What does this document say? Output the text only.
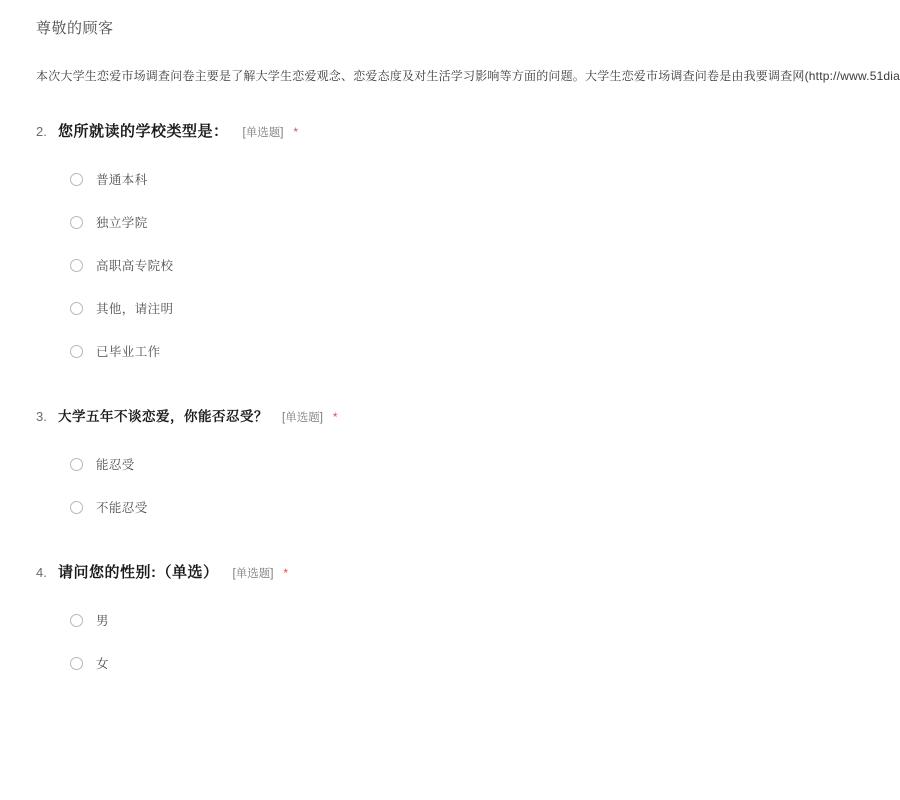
尊敬的顾客
本次大学生恋爱市场调查问卷主要是了解大学生恋爱观念、恋爱态度及对生活学习影响等方面的问题。大学生恋爱市场调查问卷是由我要调查网(http://www.51dia
2. 您所就读的学校类型是： [单选题] *
普通本科
独立学院
高职高专院校
其他，请注明
已毕业工作
3. 大学五年不谈恋爱，你能否忍受？ [单选题] *
能忍受
不能忍受
4. 请问您的性别:（单选） [单选题] *
男
女
